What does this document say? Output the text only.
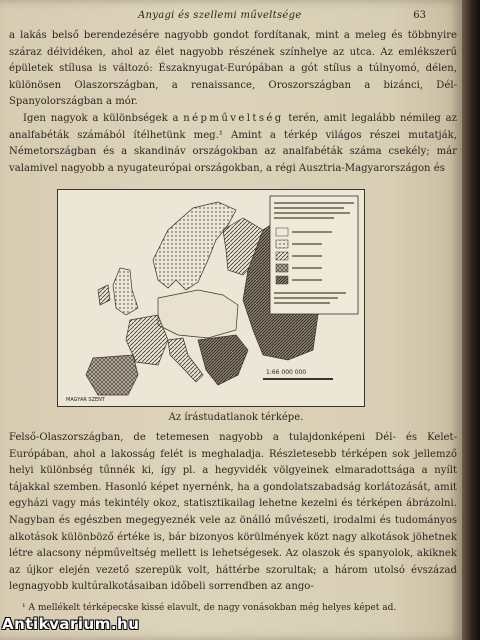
Anyagi és szellemi műveltsége	63

a lakás belső berendezésére nagyobb gondot fordítanak, mint a meleg és többnyire száraz délvidéken, ahol az élet nagyobb részének színhelye az utca. Az emlékszerű épületek stílusa is változó: Északnyugat-Európában a gót stílus a túlnyomó, délen, különösen Olaszországban, a renaissance, Oroszországban a bizánci, Dél-Spanyolországban a mór.

Igen nagyok a különbségek a népműveltség terén, amit legalább némileg az analfabéták számából ítélhetünk meg.¹ Amint a térkép világos részei mutatják, Németországban és a skandináv országokban az analfabéták száma csekély; már valamivel nagyobb a nyugateurópai országokban, a régi Ausztria-Magyarországon és

1:66 000 000
MAGYAR SZENT
Az írástudatlanok térképe.

Felső-Olaszországban, de tetemesen nagyobb a tulajdonképeni Dél- és Kelet-Európában, ahol a lakosság felét is meghaladja. Részletesebb térképen sok jellemző helyi különbség tűnnék ki, így pl. a hegyvidék völgyeinek elmaradottsága a nyílt tájakkal szemben. Hasonló képet nyernénk, ha a gondolatszabadság korlátozását, amit egyházi vagy más tekintély okoz, statisztikailag lehetne kezelni és térképen ábrázolni. Nagyban és egészben megegyeznék vele az önálló művészeti, irodalmi és tudományos alkotások különböző értéke is, bár bizonyos körülmények közt nagy alkotások jöhetnek létre alacsony népműveltség mellett is lehetségesek. Az olaszok és spanyolok, akiknek az újkor elején vezető szerepük volt, háttérbe szorultak; a három utolsó évszázad legnagyobb kultúralkotásaiban időbeli sorrendben az ango-

¹ A mellékelt térképecske kissé elavult, de nagy vonásokban még helyes képet ad.
Antikvarium.hu
